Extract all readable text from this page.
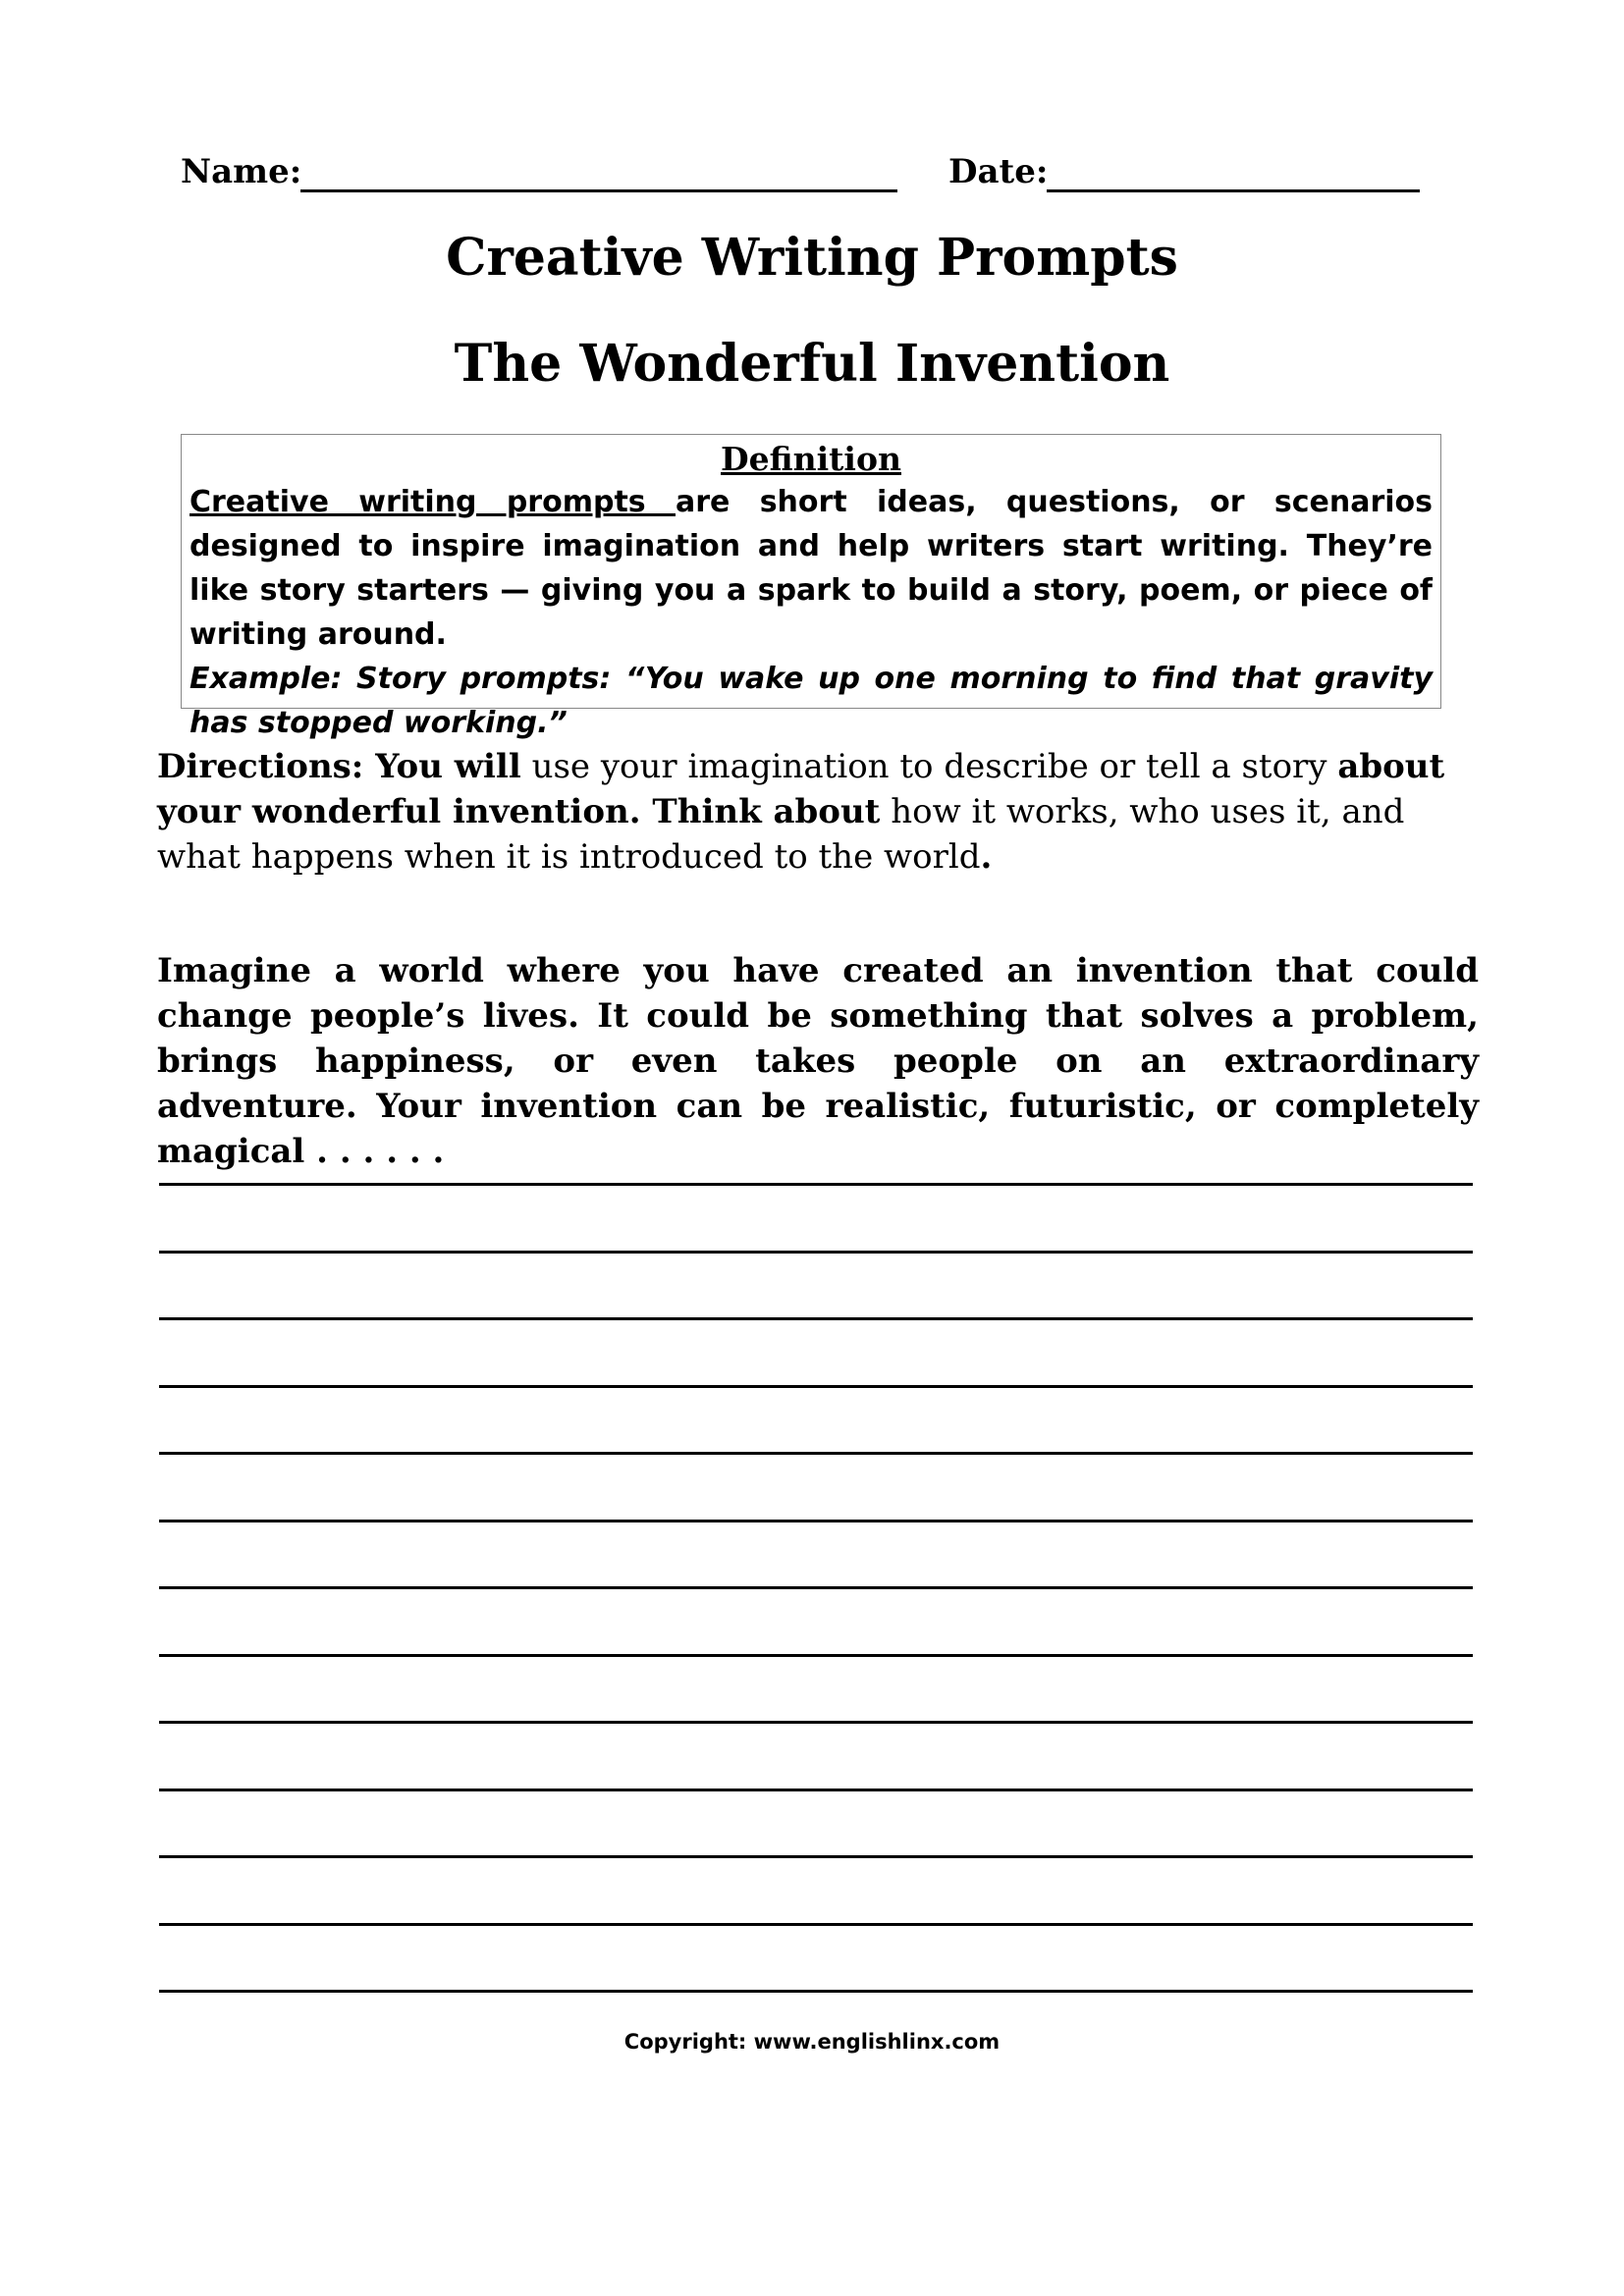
Name:	Date:
Creative Writing Prompts
The Wonderful Invention
Definition
Creative writing prompts are short ideas, questions, or scenarios designed to inspire imagination and help writers start writing. They’re like story starters — giving you a spark to build a story, poem, or piece of writing around.
Example: Story prompts: “You wake up one morning to find that gravity has stopped working.”
Directions: You will use your imagination to describe or tell a story about your wonderful invention. Think about how it works, who uses it, and what happens when it is introduced to the world.
Imagine a world where you have created an invention that could change people’s lives. It could be something that solves a problem, brings happiness, or even takes people on an extraordinary adventure. Your invention can be realistic, futuristic, or completely magical . . . . . .
Copyright: www.englishlinx.com
